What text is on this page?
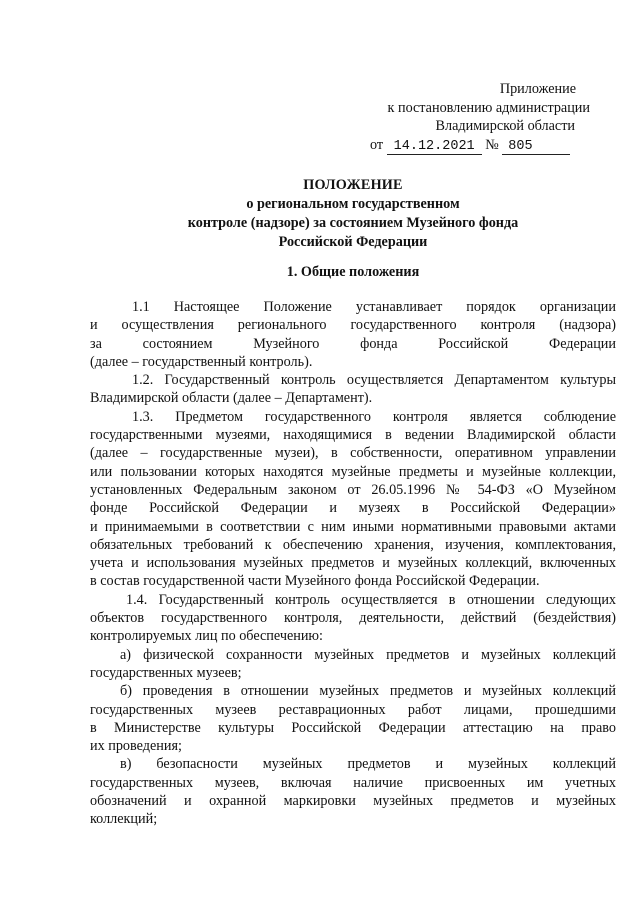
Приложение
к постановлению администрации
Владимирской области
от 14.12.2021 № 805
ПОЛОЖЕНИЕ
о региональном государственном
контроле (надзоре) за состоянием Музейного фонда
Российской Федерации
1. Общие положения
1.1 Настоящее Положение устанавливает порядок организации
и осуществления регионального государственного контроля (надзора)
за состоянием Музейного фонда Российской Федерации
(далее – государственный контроль).
1.2. Государственный контроль осуществляется Департаментом культуры
Владимирской области (далее – Департамент).
1.3. Предметом государственного контроля является соблюдение
государственными музеями, находящимися в ведении Владимирской области
(далее – государственные музеи), в собственности, оперативном управлении
или пользовании которых находятся музейные предметы и музейные коллекции,
установленных Федеральным законом от 26.05.1996 № 54-ФЗ «О Музейном
фонде Российской Федерации и музеях в Российской Федерации»
и принимаемыми в соответствии с ним иными нормативными правовыми актами
обязательных требований к обеспечению хранения, изучения, комплектования,
учета и использования музейных предметов и музейных коллекций, включенных
в состав государственной части Музейного фонда Российской Федерации.
1.4. Государственный контроль осуществляется в отношении следующих
объектов государственного контроля, деятельности, действий (бездействия)
контролируемых лиц по обеспечению:
а) физической сохранности музейных предметов и музейных коллекций
государственных музеев;
б) проведения в отношении музейных предметов и музейных коллекций
государственных музеев реставрационных работ лицами, прошедшими
в Министерстве культуры Российской Федерации аттестацию на право
их проведения;
в) безопасности музейных предметов и музейных коллекций
государственных музеев, включая наличие присвоенных им учетных
обозначений и охранной маркировки музейных предметов и музейных
коллекций;
